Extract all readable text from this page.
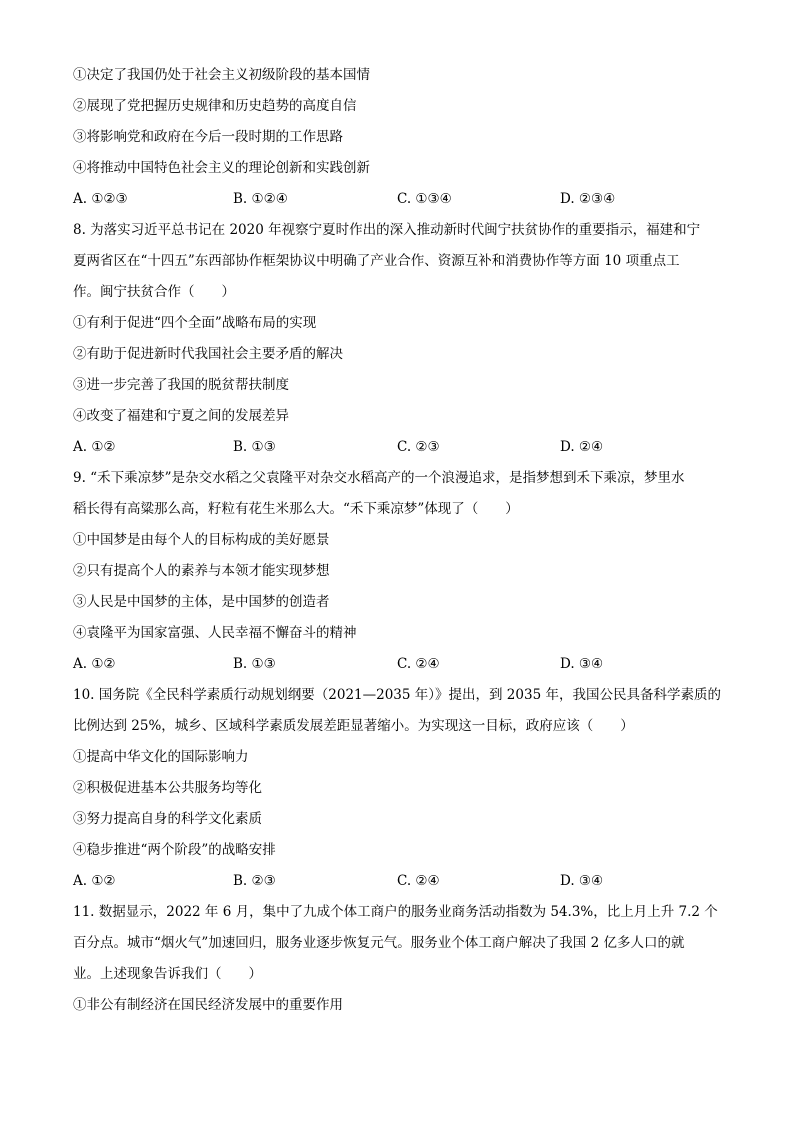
①决定了我国仍处于社会主义初级阶段的基本国情
②展现了党把握历史规律和历史趋势的高度自信
③将影响党和政府在今后一段时期的工作思路
④将推动中国特色社会主义的理论创新和实践创新
A. ①②③	B. ①②④	C. ①③④	D. ②③④
8. 为落实习近平总书记在 2020 年视察宁夏时作出的深入推动新时代闽宁扶贫协作的重要指示，福建和宁
夏两省区在“十四五”东西部协作框架协议中明确了产业合作、资源互补和消费协作等方面 10 项重点工
作。闽宁扶贫合作（　　）
①有利于促进“四个全面”战略布局的实现
②有助于促进新时代我国社会主要矛盾的解决
③进一步完善了我国的脱贫帮扶制度
④改变了福建和宁夏之间的发展差异
A. ①②	B. ①③	C. ②③	D. ②④
9. “禾下乘凉梦”是杂交水稻之父袁隆平对杂交水稻高产的一个浪漫追求，是指梦想到禾下乘凉，梦里水
稻长得有高粱那么高，籽粒有花生米那么大。“禾下乘凉梦”体现了（　　）
①中国梦是由每个人的目标构成的美好愿景
②只有提高个人的素养与本领才能实现梦想
③人民是中国梦的主体，是中国梦的创造者
④袁隆平为国家富强、人民幸福不懈奋斗的精神
A. ①②	B. ①③	C. ②④	D. ③④
10. 国务院《全民科学素质行动规划纲要（2021—2035 年）》提出，到 2035 年，我国公民具备科学素质的
比例达到 25%，城乡、区域科学素质发展差距显著缩小。为实现这一目标，政府应该（　　）
①提高中华文化的国际影响力
②积极促进基本公共服务均等化
③努力提高自身的科学文化素质
④稳步推进“两个阶段”的战略安排
A. ①②	B. ②③	C. ②④	D. ③④
11. 数据显示，2022 年 6 月，集中了九成个体工商户的服务业商务活动指数为 54.3%，比上月上升 7.2 个
百分点。城市“烟火气”加速回归，服务业逐步恢复元气。服务业个体工商户解决了我国 2 亿多人口的就
业。上述现象告诉我们（　　）
①非公有制经济在国民经济发展中的重要作用
